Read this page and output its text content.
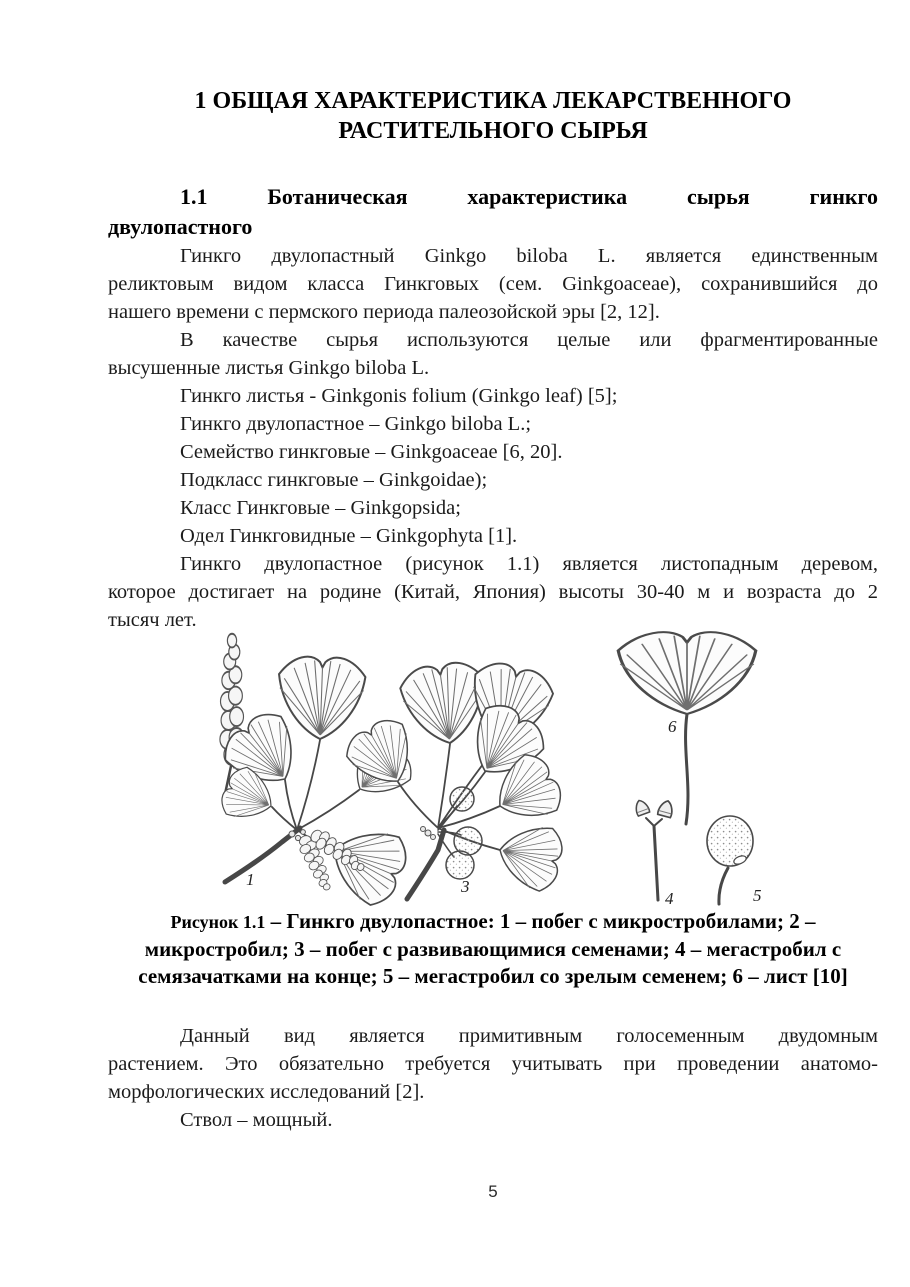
1 ОБЩАЯ ХАРАКТЕРИСТИКА ЛЕКАРСТВЕННОГО
РАСТИТЕЛЬНОГО СЫРЬЯ
1.1 Ботаническая характеристика сырья гинкго
двулопастного
Гинкго двулопастный Ginkgo biloba L. является единственным
реликтовым видом класса Гинкговых (сем. Ginkgoaceae), сохранившийся до
нашего времени с пермского периода палеозойской эры [2, 12].
В качестве сырья используются целые или фрагментированные
высушенные листья Ginkgo biloba L.
Гинкго листья - Ginkgonis folium (Ginkgo leaf) [5];
Гинкго двулопастное – Ginkgo biloba L.;
Семейство гинкговые – Ginkgoaceae [6, 20].
Подкласс гинкговые – Ginkgoidae);
Класс Гинкговые – Ginkgopsida;
Одел Гинкговидные – Ginkgophyta [1].
Гинкго двулопастное (рисунок 1.1) является листопадным деревом,
которое достигает на родине (Китай, Япония) высоты 30-40 м и возраста до 2
тысяч лет.
1	3
6
4	5
Рисунок 1.1 – Гинкго двулопастное: 1 – побег с микростробилами; 2 –
микростробил; 3 – побег с развивающимися семенами; 4 – мегастробил с
семязачатками на конце; 5 – мегастробил со зрелым семенем; 6 – лист [10]
Данный вид является примитивным голосеменным двудомным
растением. Это обязательно требуется учитывать при проведении анатомо-
морфологических исследований [2].
Ствол – мощный.
5
